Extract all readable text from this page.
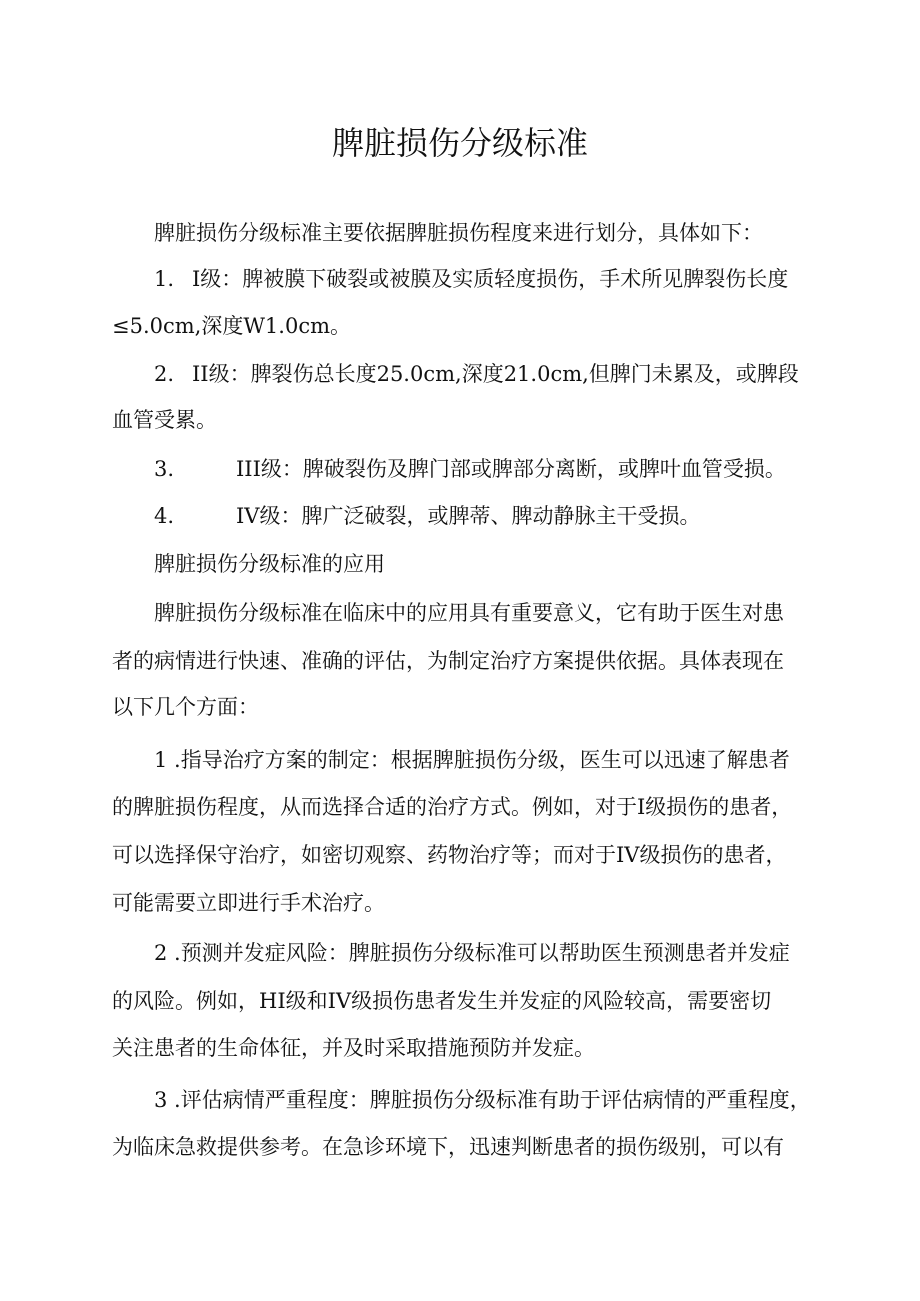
脾脏损伤分级标准

脾脏损伤分级标准主要依据脾脏损伤程度来进行划分，具体如下：

1. I级：脾被膜下破裂或被膜及实质轻度损伤，手术所见脾裂伤长度

≤5.0cm,深度W1.0cm。

2. II级：脾裂伤总长度25.0cm,深度21.0cm,但脾门未累及，或脾段

血管受累。

3.	III级：脾破裂伤及脾门部或脾部分离断，或脾叶血管受损。

4.	IV级：脾广泛破裂，或脾蒂、脾动静脉主干受损。

脾脏损伤分级标准的应用

脾脏损伤分级标准在临床中的应用具有重要意义，它有助于医生对患

者的病情进行快速、准确的评估，为制定治疗方案提供依据。具体表现在

以下几个方面：

1 .指导治疗方案的制定：根据脾脏损伤分级，医生可以迅速了解患者

的脾脏损伤程度，从而选择合适的治疗方式。例如，对于I级损伤的患者，

可以选择保守治疗，如密切观察、药物治疗等；而对于IV级损伤的患者，

可能需要立即进行手术治疗。

2 .预测并发症风险：脾脏损伤分级标准可以帮助医生预测患者并发症

的风险。例如，HI级和IV级损伤患者发生并发症的风险较高，需要密切

关注患者的生命体征，并及时采取措施预防并发症。

3 .评估病情严重程度：脾脏损伤分级标准有助于评估病情的严重程度，

为临床急救提供参考。在急诊环境下，迅速判断患者的损伤级别，可以有
